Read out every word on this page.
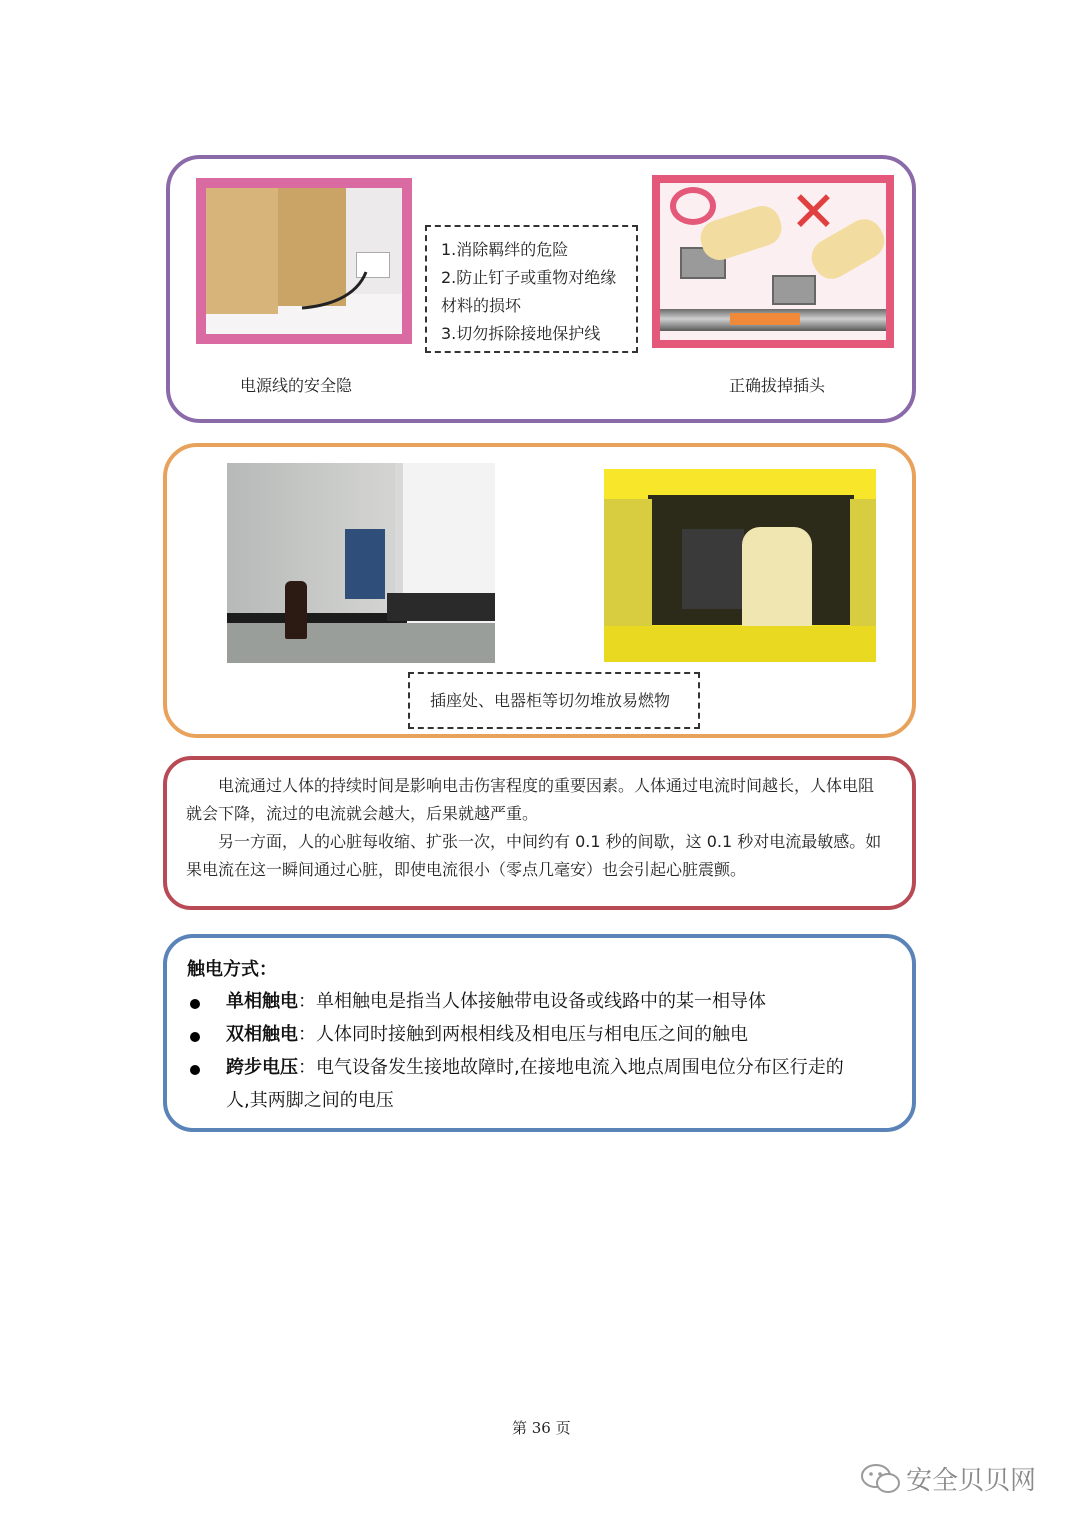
1.消除羁绊的危险
2.防止钉子或重物对绝缘
材料的损坏
3.切勿拆除接地保护线
✕
电源线的安全隐	正确拔掉插头
插座处、电器柜等切勿堆放易燃物
电流通过人体的持续时间是影响电击伤害程度的重要因素。人体通过电流时间越长，人体电阻
就会下降，流过的电流就会越大，后果就越严重。
另一方面，人的心脏每收缩、扩张一次，中间约有 0.1 秒的间歇，这 0.1 秒对电流最敏感。如
果电流在这一瞬间通过心脏，即使电流很小（零点几毫安）也会引起心脏震颤。
触电方式：
单相触电：单相触电是指当人体接触带电设备或线路中的某一相导体
双相触电：人体同时接触到两根相线及相电压与相电压之间的触电
跨步电压：电气设备发生接地故障时,在接地电流入地点周围电位分布区行走的
人,其两脚之间的电压
第 36 页
安全贝贝网
